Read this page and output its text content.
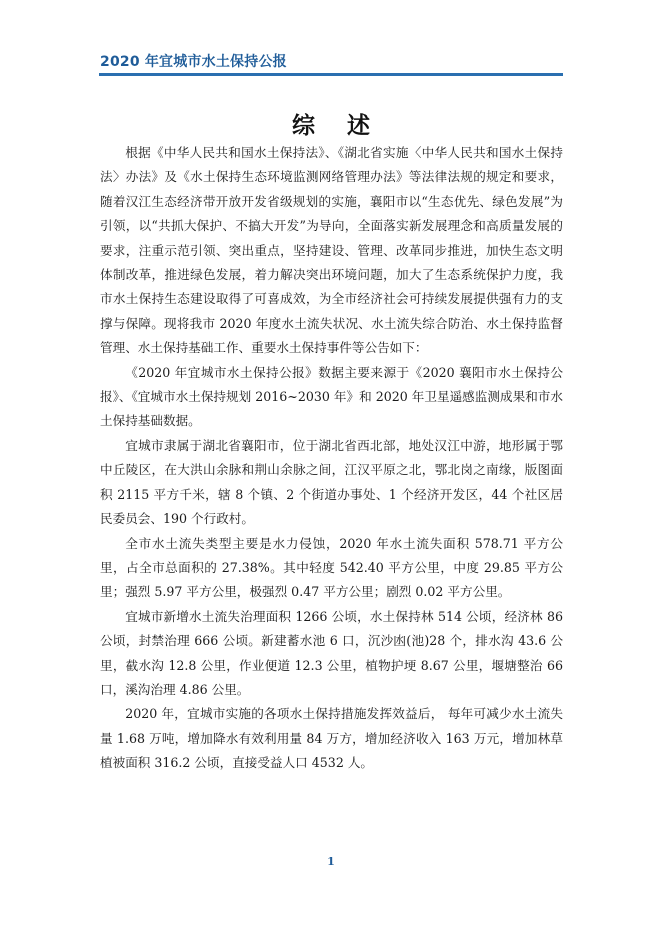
2020 年宜城市水土保持公报
综 述

根据《中华人民共和国水土保持法》、《湖北省实施〈中华人民共和国水土保持法〉办法》及《水土保持生态环境监测网络管理办法》等法律法规的规定和要求，随着汉江生态经济带开放开发省级规划的实施，襄阳市以“生态优先、绿色发展”为引领，以“共抓大保护、不搞大开发”为导向，全面落实新发展理念和高质量发展的要求，注重示范引领、突出重点，坚持建设、管理、改革同步推进，加快生态文明体制改革，推进绿色发展，着力解决突出环境问题，加大了生态系统保护力度，我市水土保持生态建设取得了可喜成效，为全市经济社会可持续发展提供强有力的支撑与保障。现将我市 2020 年度水土流失状况、水土流失综合防治、水土保持监督管理、水土保持基础工作、重要水土保持事件等公告如下：

《2020 年宜城市水土保持公报》数据主要来源于《2020 襄阳市水土保持公报》、《宜城市水土保持规划 2016~2030 年》和 2020 年卫星遥感监测成果和市水土保持基础数据。

宜城市隶属于湖北省襄阳市，位于湖北省西北部，地处汉江中游，地形属于鄂中丘陵区，在大洪山余脉和荆山余脉之间，江汉平原之北，鄂北岗之南缘，版图面积 2115 平方千米，辖 8 个镇、2 个街道办事处、1 个经济开发区，44 个社区居民委员会、190 个行政村。

全市水土流失类型主要是水力侵蚀，2020 年水土流失面积 578.71 平方公里，占全市总面积的 27.38%。其中轻度 542.40 平方公里，中度 29.85 平方公里；强烈 5.97 平方公里，极强烈 0.47 平方公里；剧烈 0.02 平方公里。

宜城市新增水土流失治理面积 1266 公顷，水土保持林 514 公顷，经济林 86 公顷，封禁治理 666 公顷。新建蓄水池 6 口，沉沙凼(池)28 个，排水沟 43.6 公里，截水沟 12.8 公里，作业便道 12.3 公里，植物护埂 8.67 公里，堰塘整治 66 口，溪沟治理 4.86 公里。

2020 年，宜城市实施的各项水土保持措施发挥效益后， 每年可减少水土流失量 1.68 万吨，增加降水有效利用量 84 万方，增加经济收入 163 万元，增加林草植被面积 316.2 公顷，直接受益人口 4532 人。

1
